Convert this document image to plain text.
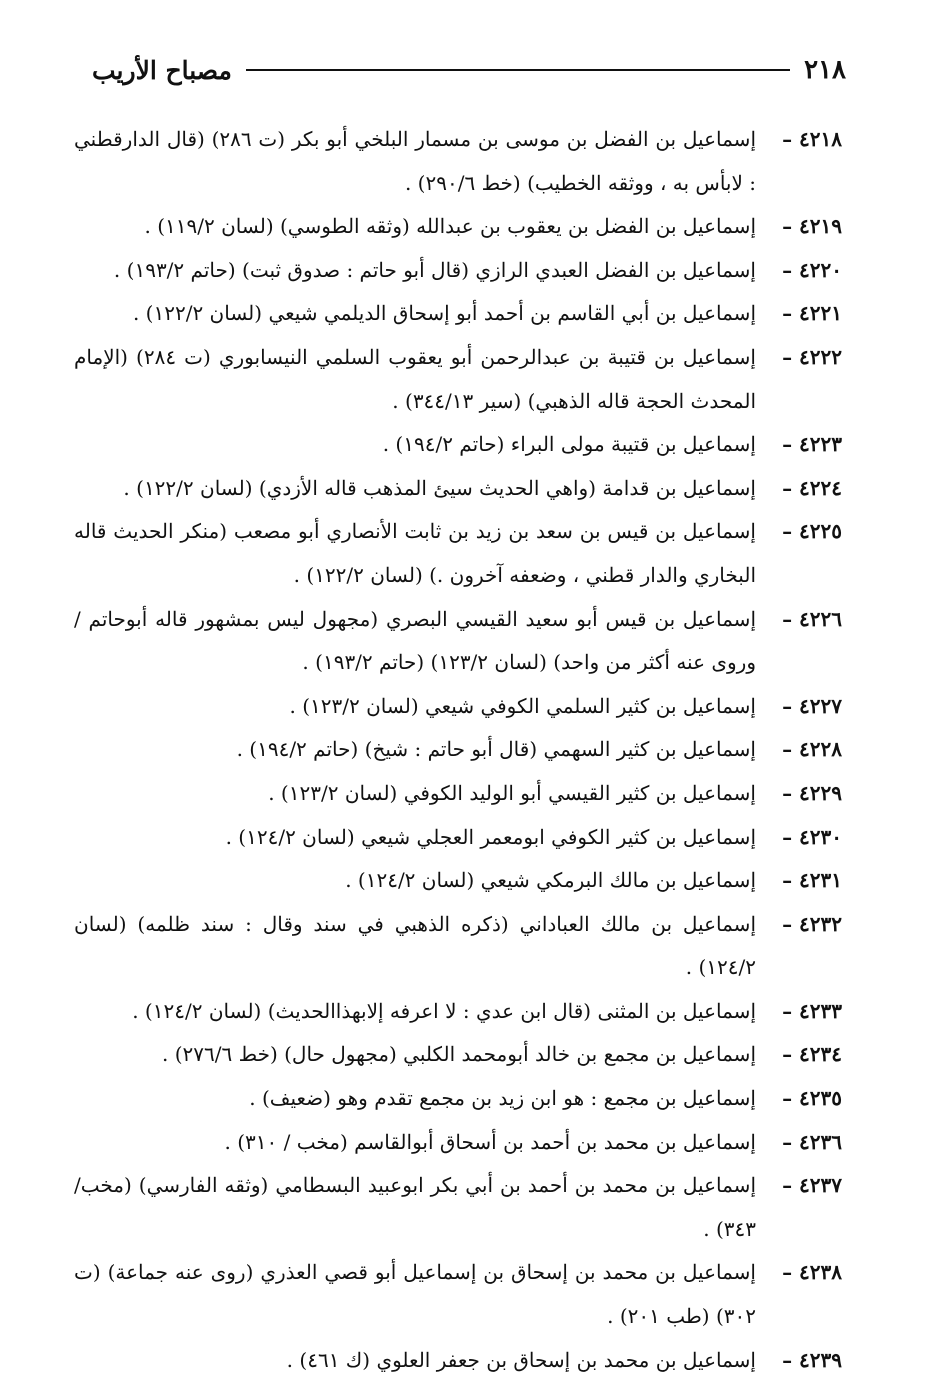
٢١٨
مصباح الأريب
٤٢١٨ –
إسماعيل بن الفضل بن موسى بن مسمار البلخي أبو بكر (ت ٢٨٦) (قال الدارقطني : لابأس به ، ووثقه الخطيب) (خط ٢٩٠/٦) .
٤٢١٩ –
إسماعيل بن الفضل بن يعقوب بن عبدالله (وثقه الطوسي) (لسان ١١٩/٢) .
٤٢٢٠ –
إسماعيل بن الفضل العبدي الرازي (قال أبو حاتم : صدوق ثبت) (حاتم ١٩٣/٢) .
٤٢٢١ –
إسماعيل بن أبي القاسم بن أحمد أبو إسحاق الديلمي شيعي (لسان ١٢٢/٢) .
٤٢٢٢ –
إسماعيل بن قتيبة بن عبدالرحمن أبو يعقوب السلمي النيسابوري (ت ٢٨٤) (الإمام المحدث الحجة قاله الذهبي) (سير ٣٤٤/١٣) .
٤٢٢٣ –
إسماعيل بن قتيبة مولى البراء (حاتم ١٩٤/٢) .
٤٢٢٤ –
إسماعيل بن قدامة (واهي الحديث سيئ المذهب قاله الأزدي) (لسان ١٢٢/٢) .
٤٢٢٥ –
إسماعيل بن قيس بن سعد بن زيد بن ثابت الأنصاري أبو مصعب (منكر الحديث قاله البخاري والدار قطني ، وضعفه آخرون .) (لسان ١٢٢/٢) .
٤٢٢٦ –
إسماعيل بن قيس أبو سعيد القيسي البصري (مجهول ليس بمشهور قاله أبوحاتم /وروى عنه أكثر من واحد) (لسان ١٢٣/٢) (حاتم ١٩٣/٢) .
٤٢٢٧ –
إسماعيل بن كثير السلمي الكوفي شيعي (لسان ١٢٣/٢) .
٤٢٢٨ –
إسماعيل بن كثير السهمي (قال أبو حاتم : شيخ) (حاتم ١٩٤/٢) .
٤٢٢٩ –
إسماعيل بن كثير القيسي أبو الوليد الكوفي (لسان ١٢٣/٢) .
٤٢٣٠ –
إسماعيل بن كثير الكوفي ابومعمر العجلي شيعي (لسان ١٢٤/٢) .
٤٢٣١ –
إسماعيل بن مالك البرمكي شيعي (لسان ١٢٤/٢) .
٤٢٣٢ –
إسماعيل بن مالك العباداني (ذكره الذهبي في سند وقال : سند ظلمه) (لسان ١٢٤/٢) .
٤٢٣٣ –
إسماعيل بن المثنى (قال ابن عدي : لا اعرفه إلابهذاالحديث) (لسان ١٢٤/٢) .
٤٢٣٤ –
إسماعيل بن مجمع بن خالد أبومحمد الكلبي (مجهول حال) (خط ٢٧٦/٦) .
٤٢٣٥ –
إسماعيل بن مجمع : هو ابن زيد بن مجمع تقدم وهو (ضعيف) .
٤٢٣٦ –
إسماعيل بن محمد بن أحمد بن أسحاق أبوالقاسم (مخب / ٣١٠) .
٤٢٣٧ –
إسماعيل بن محمد بن أحمد بن أبي بكر ابوعبيد البسطامي (وثقه الفارسي) (مخب/٣٤٣) .
٤٢٣٨ –
إسماعيل بن محمد بن إسحاق بن إسماعيل أبو قصي العذري (روى عنه جماعة) (ت ٣٠٢) (طب ٢٠١) .
٤٢٣٩ –
إسماعيل بن محمد بن إسحاق بن جعفر العلوي (ك ٤٦١) .
